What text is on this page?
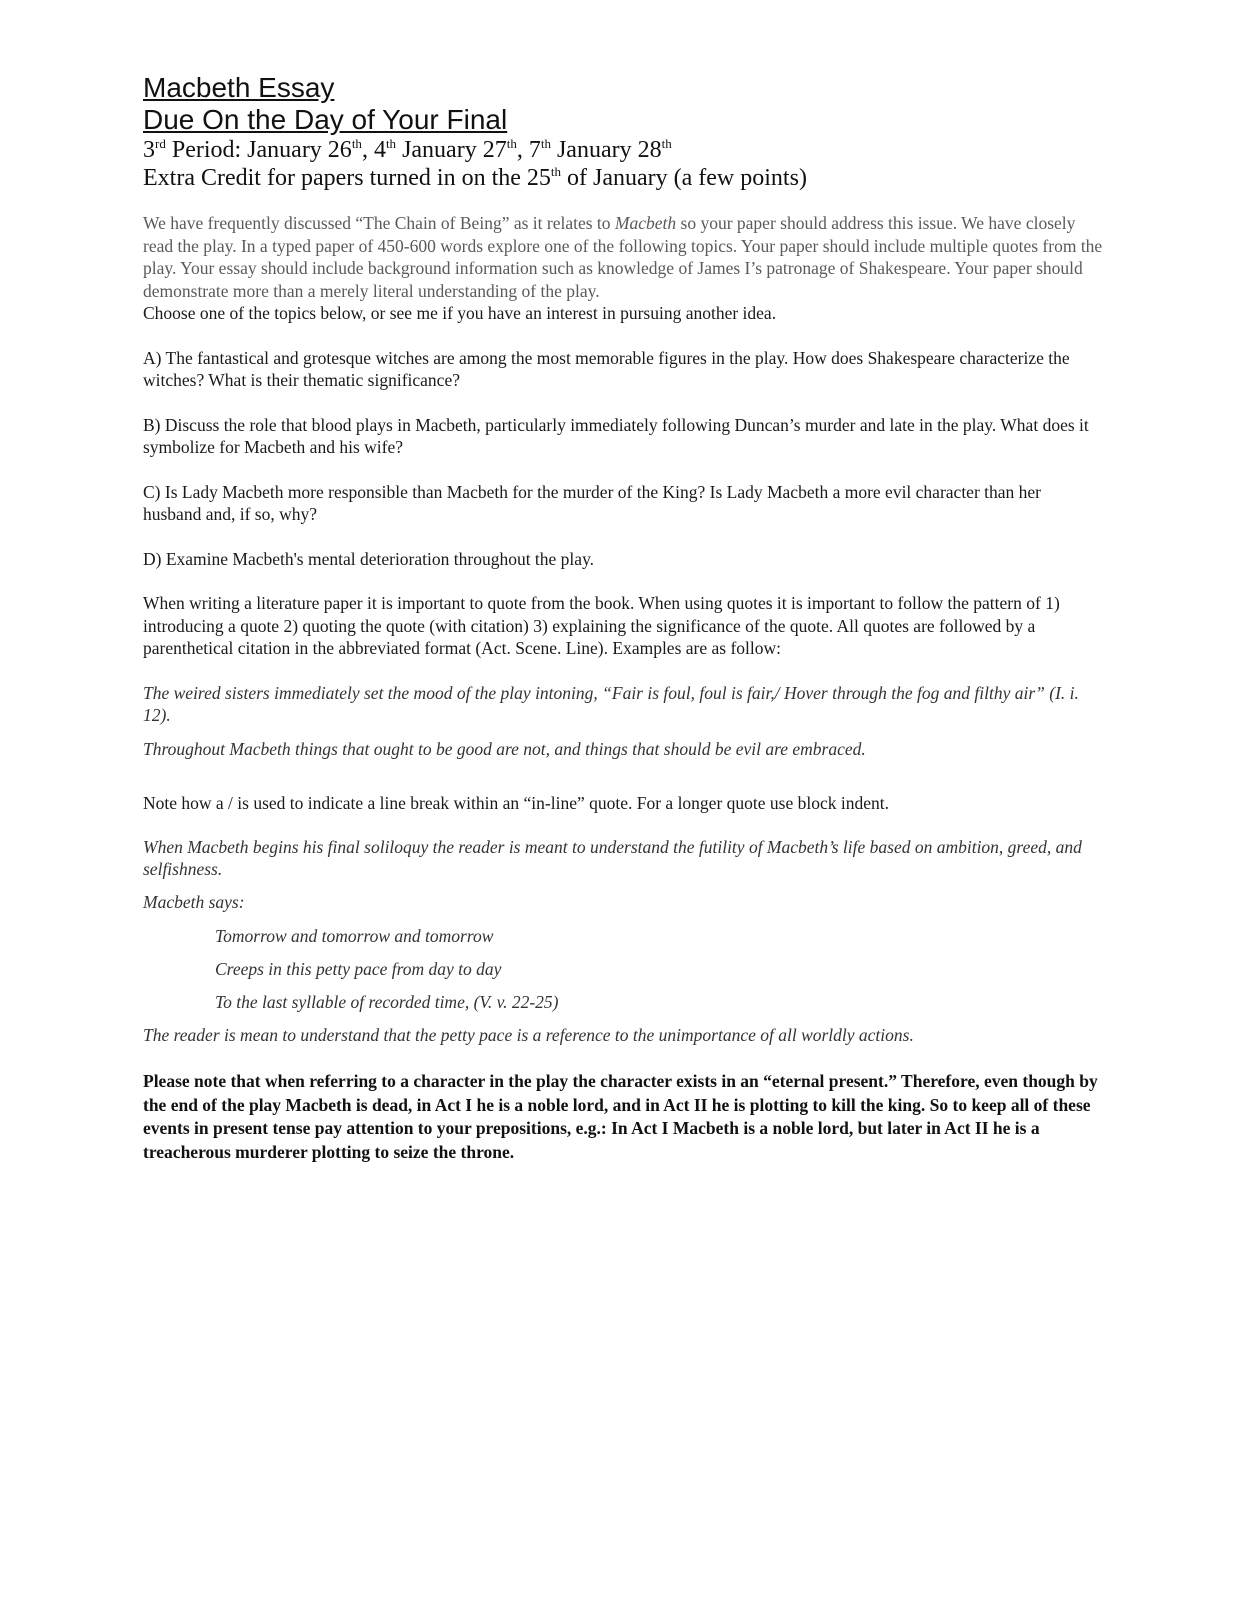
Macbeth Essay
Due On the Day of Your Final
3rd Period: January 26th, 4th January 27th, 7th January 28th
Extra Credit for papers turned in on the 25th of January (a few points)
We have frequently discussed “The Chain of Being” as it relates to Macbeth so your paper should address this issue. We have closely read the play. In a typed paper of 450-600 words explore one of the following topics. Your paper should include multiple quotes from the play. Your essay should include background information such as knowledge of James I’s patronage of Shakespeare. Your paper should demonstrate more than a merely literal understanding of the play.
Choose one of the topics below, or see me if you have an interest in pursuing another idea.
A) The fantastical and grotesque witches are among the most memorable figures in the play. How does Shakespeare characterize the witches? What is their thematic significance?
B) Discuss the role that blood plays in Macbeth, particularly immediately following Duncan’s murder and late in the play. What does it symbolize for Macbeth and his wife?
C) Is Lady Macbeth more responsible than Macbeth for the murder of the King? Is Lady Macbeth a more evil character than her husband and, if so, why?
D) Examine Macbeth's mental deterioration throughout the play.
When writing a literature paper it is important to quote from the book. When using quotes it is important to follow the pattern of 1) introducing a quote 2) quoting the quote (with citation) 3) explaining the significance of the quote. All quotes are followed by a parenthetical citation in the abbreviated format (Act. Scene. Line). Examples are as follow:
The weired sisters immediately set the mood of the play intoning, “Fair is foul, foul is fair,/ Hover through the fog and filthy air” (I. i. 12).
Throughout Macbeth things that ought to be good are not, and things that should be evil are embraced.
Note how a / is used to indicate a line break within an “in-line” quote. For a longer quote use block indent.
When Macbeth begins his final soliloquy the reader is meant to understand the futility of Macbeth’s life based on ambition, greed, and selfishness.
Macbeth says:
Tomorrow and tomorrow and tomorrow
Creeps in this petty pace from day to day
To the last syllable of recorded time, (V. v. 22-25)
The reader is mean to understand that the petty pace is a reference to the unimportance of all worldly actions.
Please note that when referring to a character in the play the character exists in an “eternal present.” Therefore, even though by the end of the play Macbeth is dead, in Act I he is a noble lord, and in Act II he is plotting to kill the king. So to keep all of these events in present tense pay attention to your prepositions, e.g.: In Act I Macbeth is a noble lord, but later in Act II he is a treacherous murderer plotting to seize the throne.
